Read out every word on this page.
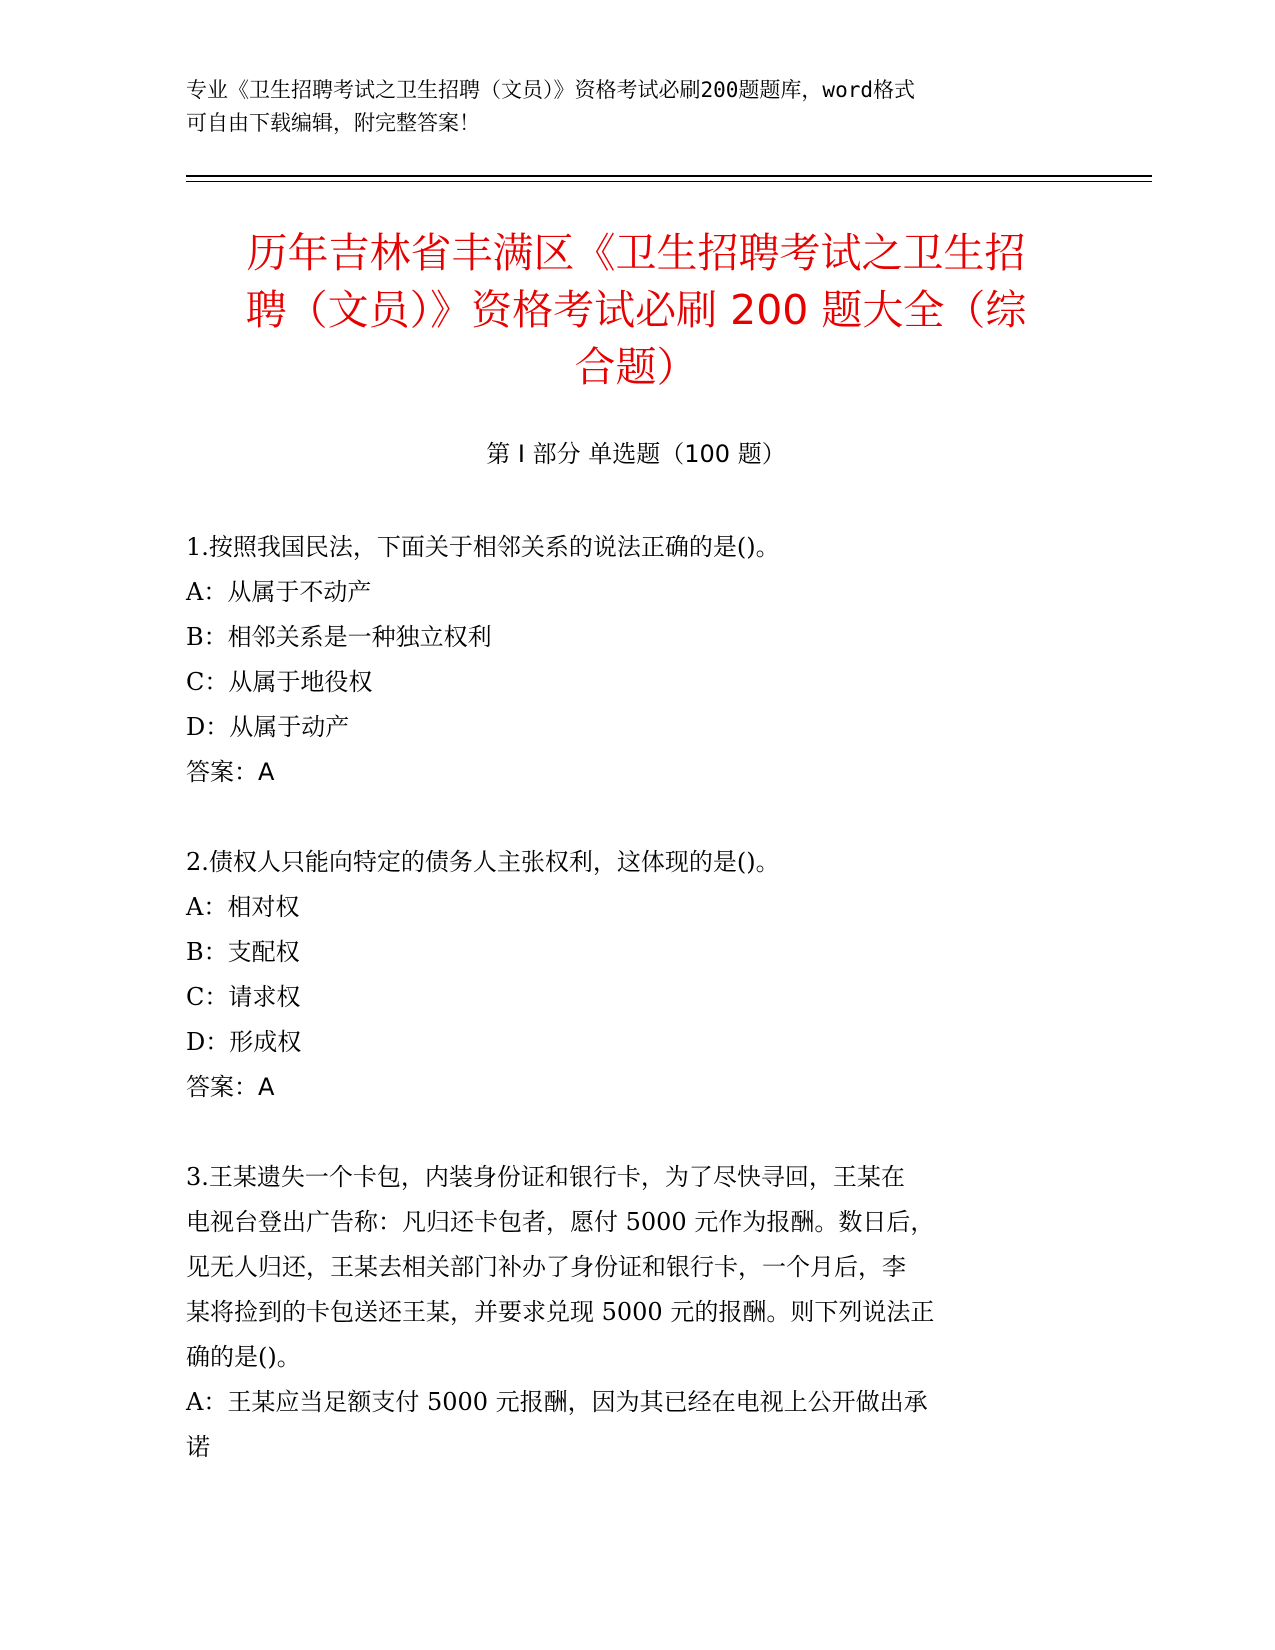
专业《卫生招聘考试之卫生招聘（文员）》资格考试必刷200题题库，word格式
可自由下载编辑，附完整答案！
历年吉林省丰满区《卫生招聘考试之卫生招
聘（文员）》资格考试必刷 200 题大全（综
合题）
第 I 部分 单选题（100 题）

1.按照我国民法，下面关于相邻关系的说法正确的是()。

A：从属于不动产

B：相邻关系是一种独立权利

C：从属于地役权

D：从属于动产

答案：A

2.债权人只能向特定的债务人主张权利，这体现的是()。

A：相对权

B：支配权

C：请求权

D：形成权

答案：A

3.王某遗失一个卡包，内装身份证和银行卡，为了尽快寻回，王某在

电视台登出广告称：凡归还卡包者，愿付 5000 元作为报酬。数日后，

见无人归还，王某去相关部门补办了身份证和银行卡，一个月后，李

某将捡到的卡包送还王某，并要求兑现 5000 元的报酬。则下列说法正

确的是()。

A：王某应当足额支付 5000 元报酬，因为其已经在电视上公开做出承

诺
